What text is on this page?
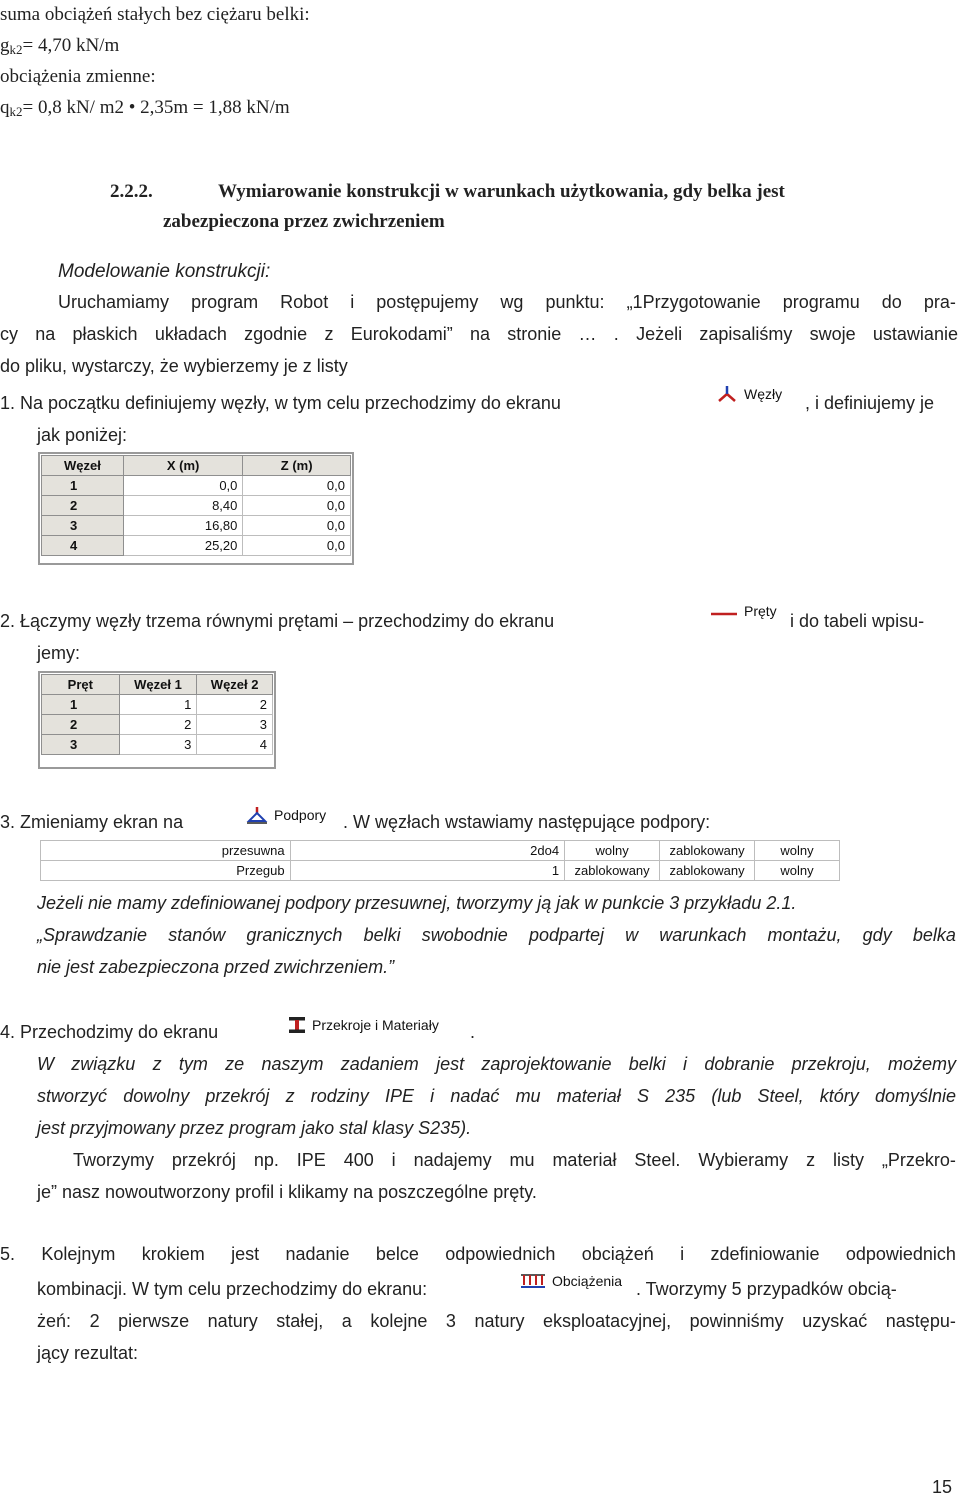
suma obciążeń stałych bez ciężaru belki:
$g_{k2}= 4,70$ kN/m
obciążenia zmienne:
$q_{k2}= 0,8$ kN/ m2 • 2,35m = 1,88 kN/m
2.2.2.	Wymiarowanie konstrukcji w warunkach użytkowania, gdy belka jest
zabezpieczona przez zwichrzeniem
Modelowanie konstrukcji:
Uruchamiamy program Robot i postępujemy wg punktu: „1Przygotowanie programu do pra-
cy na płaskich układach zgodnie z Eurokodami” na stronie … . Jeżeli zapisaliśmy swoje ustawianie
do pliku, wystarczy, że wybierzemy je z listy
1. Na początku definiujemy węzły, w tym celu przechodzimy do ekranu	Węzły , i definiujemy je
jak poniżej:
Węzeł	X (m)	Z (m)
1	0,0	0,0
2	8,40	0,0
3	16,80	0,0
4	25,20	0,0
2. Łączymy węzły trzema równymi prętami – przechodzimy do ekranu	Pręty i do tabeli wpisu-
jemy:
Pręt	Węzeł 1	Węzeł 2
1	1	2
2	2	3
3	3	4
3. Zmieniamy ekran na	Podpory . W węzłach wstawiamy następujące podpory:
przesuwna	2do4	wolny	zablokowany	wolny
Przegub	1	zablokowany	zablokowany	wolny
Jeżeli nie mamy zdefiniowanej podpory przesuwnej, tworzymy ją jak w punkcie 3 przykładu 2.1.
„Sprawdzanie stanów granicznych belki swobodnie podpartej w warunkach montażu, gdy belka
nie jest zabezpieczona przed zwichrzeniem.”
4. Przechodzimy do ekranu	Przekroje i Materiały .
W związku z tym ze naszym zadaniem jest zaprojektowanie belki i dobranie przekroju, możemy
stworzyć dowolny przekrój z rodziny IPE i nadać mu materiał S 235 (lub Steel, który domyślnie
jest przyjmowany przez program jako stal klasy S235).
Tworzymy przekrój np. IPE 400 i nadajemy mu materiał Steel. Wybieramy z listy „Przekro-
je” nasz nowoutworzony profil i klikamy na poszczególne pręty.
5. Kolejnym krokiem jest nadanie belce odpowiednich obciążeń i zdefiniowanie odpowiednich
kombinacji. W tym celu przechodzimy do ekranu:	Obciążenia . Tworzymy 5 przypadków obcią-
żeń: 2 pierwsze natury stałej, a kolejne 3 natury eksploatacyjnej, powinniśmy uzyskać następu-
jący rezultat:
15
